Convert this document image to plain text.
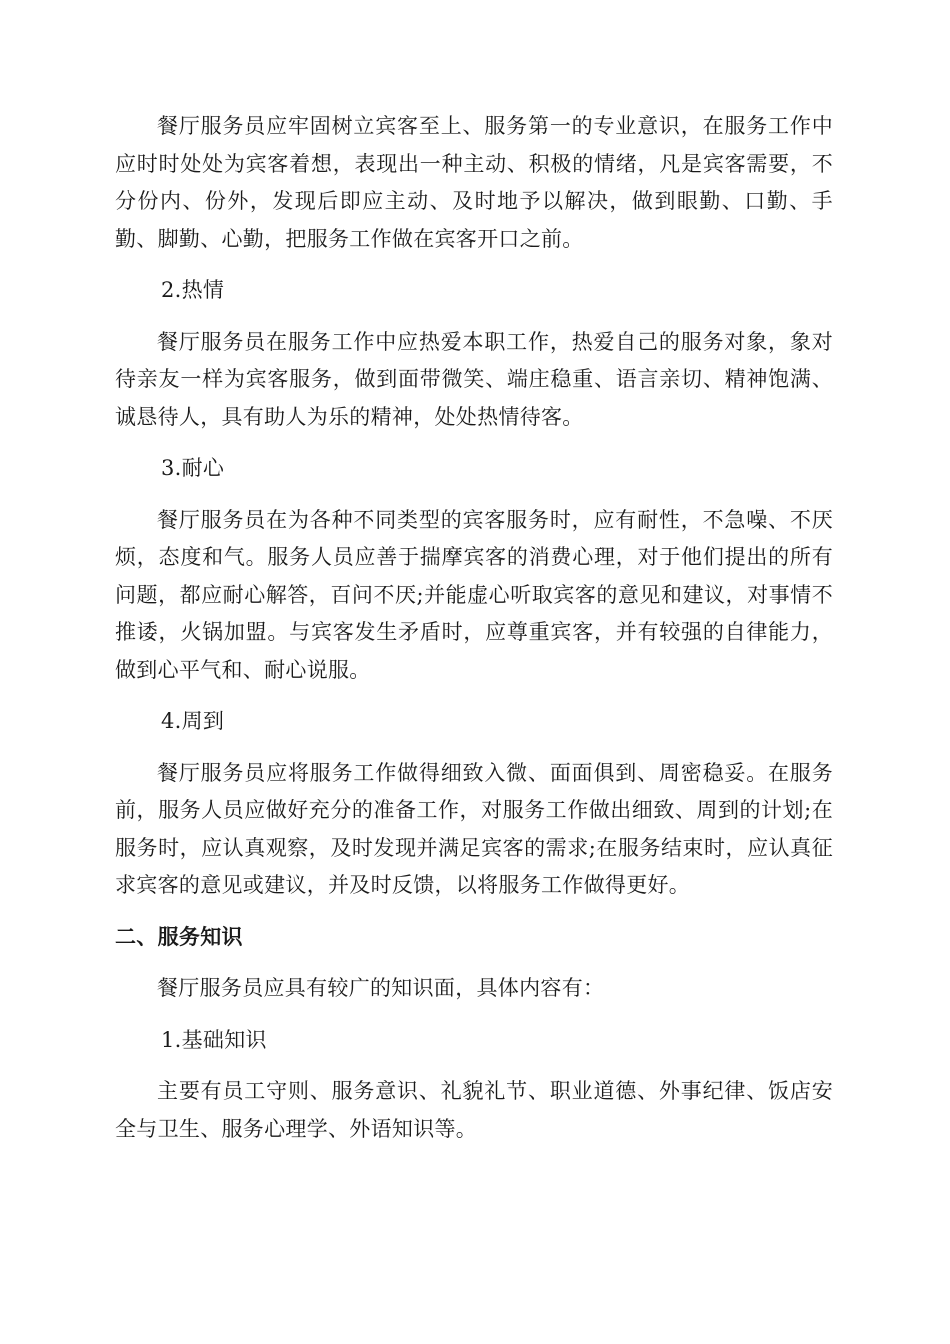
餐厅服务员应牢固树立宾客至上、服务第一的专业意识，在服务工作中应时时处处为宾客着想，表现出一种主动、积极的情绪，凡是宾客需要，不分份内、份外，发现后即应主动、及时地予以解决，做到眼勤、口勤、手勤、脚勤、心勤，把服务工作做在宾客开口之前。

2.热情

餐厅服务员在服务工作中应热爱本职工作，热爱自己的服务对象，象对待亲友一样为宾客服务，做到面带微笑、端庄稳重、语言亲切、精神饱满、诚恳待人，具有助人为乐的精神，处处热情待客。

3.耐心

餐厅服务员在为各种不同类型的宾客服务时，应有耐性，不急噪、不厌烦，态度和气。服务人员应善于揣摩宾客的消费心理，对于他们提出的所有问题，都应耐心解答，百问不厌;并能虚心听取宾客的意见和建议，对事情不推诿，火锅加盟。与宾客发生矛盾时，应尊重宾客，并有较强的自律能力，做到心平气和、耐心说服。

4.周到

餐厅服务员应将服务工作做得细致入微、面面俱到、周密稳妥。在服务前，服务人员应做好充分的准备工作，对服务工作做出细致、周到的计划;在服务时，应认真观察，及时发现并满足宾客的需求;在服务结束时，应认真征求宾客的意见或建议，并及时反馈，以将服务工作做得更好。

二、服务知识

餐厅服务员应具有较广的知识面，具体内容有：

1.基础知识

主要有员工守则、服务意识、礼貌礼节、职业道德、外事纪律、饭店安全与卫生、服务心理学、外语知识等。
